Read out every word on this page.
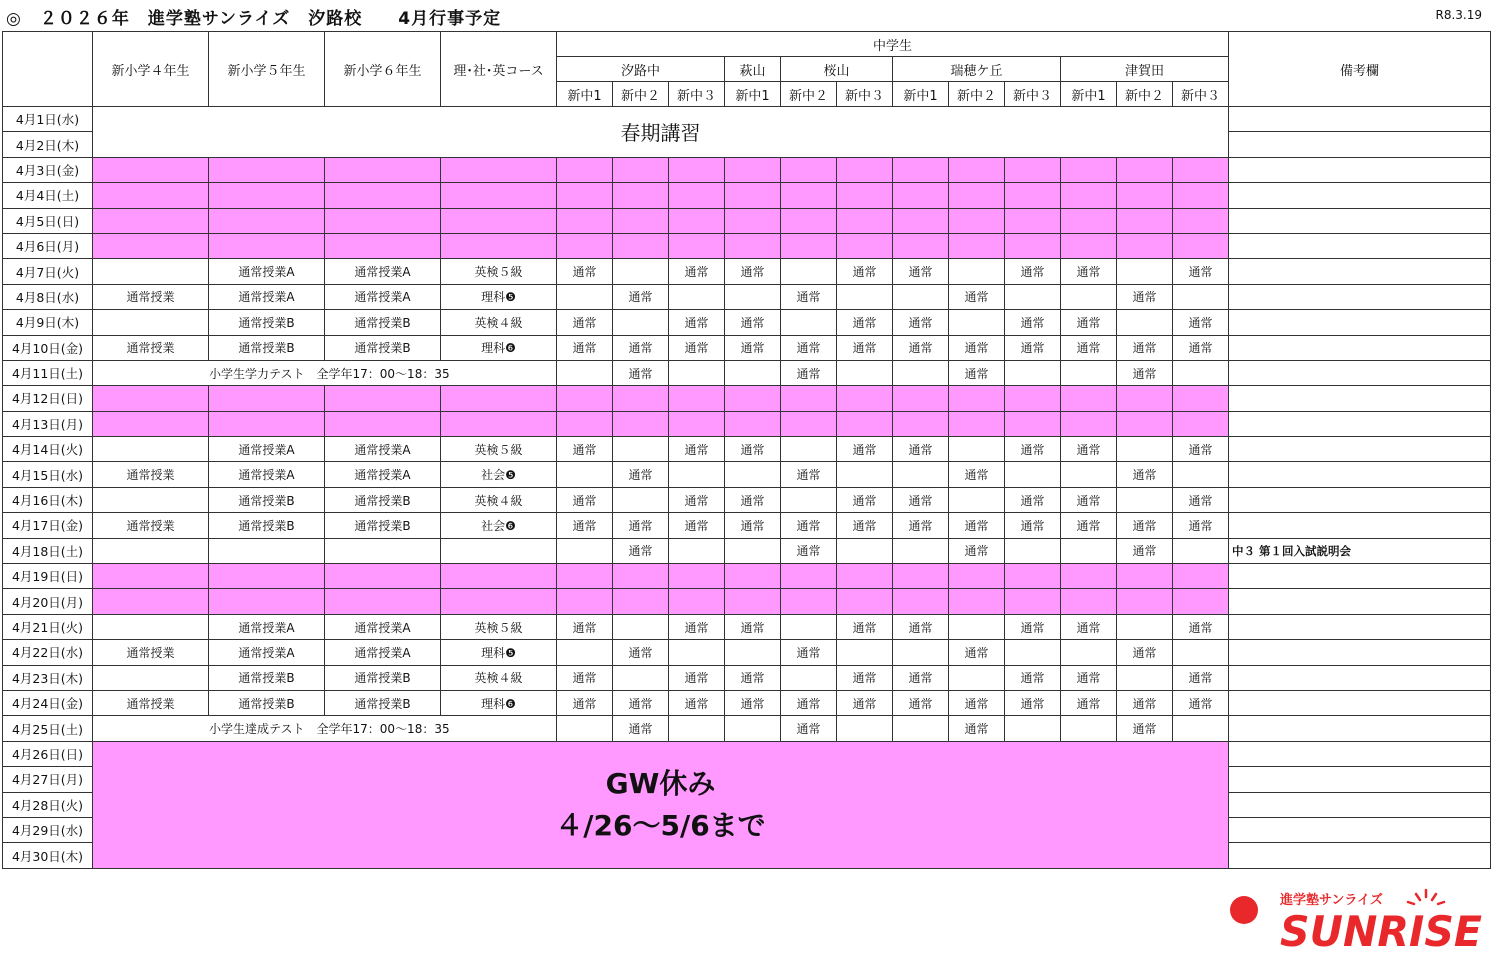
◎　２０２６年　進学塾サンライズ　汐路校　　4月行事予定	R8.3.19
	新小学４年生	新小学５年生	新小学６年生	理･社･英コース	中学生												備考欄
					汐路中			萩山	桜山		瑞穂ケ丘			津賀田			
					新中1	新中２	新中３	新中1	新中２	新中３	新中1	新中２	新中３	新中1	新中２	新中３	
4月1日(水)	春期講習																
4月2日(木)																	
4月3日(金)																	
4月4日(土)																	
4月5日(日)																	
4月6日(月)																	
4月7日(火)		通常授業A	通常授業A	英検５級	通常		通常	通常		通常	通常		通常	通常		通常	
4月8日(水)	通常授業	通常授業A	通常授業A	理科❺		通常			通常			通常			通常		
4月9日(木)		通常授業B	通常授業B	英検４級	通常		通常	通常		通常	通常		通常	通常		通常	
4月10日(金)	通常授業	通常授業B	通常授業B	理科❻	通常	通常	通常	通常	通常	通常	通常	通常	通常	通常	通常	通常	
4月11日(土)	小学生学力テスト　全学年17：00～18：35					通常			通常			通常			通常		
4月12日(日)																	
4月13日(月)																	
4月14日(火)		通常授業A	通常授業A	英検５級	通常		通常	通常		通常	通常		通常	通常		通常	
4月15日(水)	通常授業	通常授業A	通常授業A	社会❺		通常			通常			通常			通常		
4月16日(木)		通常授業B	通常授業B	英検４級	通常		通常	通常		通常	通常		通常	通常		通常	
4月17日(金)	通常授業	通常授業B	通常授業B	社会❻	通常	通常	通常	通常	通常	通常	通常	通常	通常	通常	通常	通常	
4月18日(土)						通常			通常			通常			通常		中３ 第１回入試説明会
4月19日(日)																	
4月20日(月)																	
4月21日(火)		通常授業A	通常授業A	英検５級	通常		通常	通常		通常	通常		通常	通常		通常	
4月22日(水)	通常授業	通常授業A	通常授業A	理科❺		通常			通常			通常			通常		
4月23日(木)		通常授業B	通常授業B	英検４級	通常		通常	通常		通常	通常		通常	通常		通常	
4月24日(金)	通常授業	通常授業B	通常授業B	理科❻	通常	通常	通常	通常	通常	通常	通常	通常	通常	通常	通常	通常	
4月25日(土)	小学生達成テスト　全学年17：00～18：35					通常			通常			通常			通常		
4月26日(日)	GW休み
４/26～5/6まで																

4月27日(月)																	
4月28日(火)																	
4月29日(水)																	
4月30日(木)																	
進学塾サンライズ
SUNRISE
